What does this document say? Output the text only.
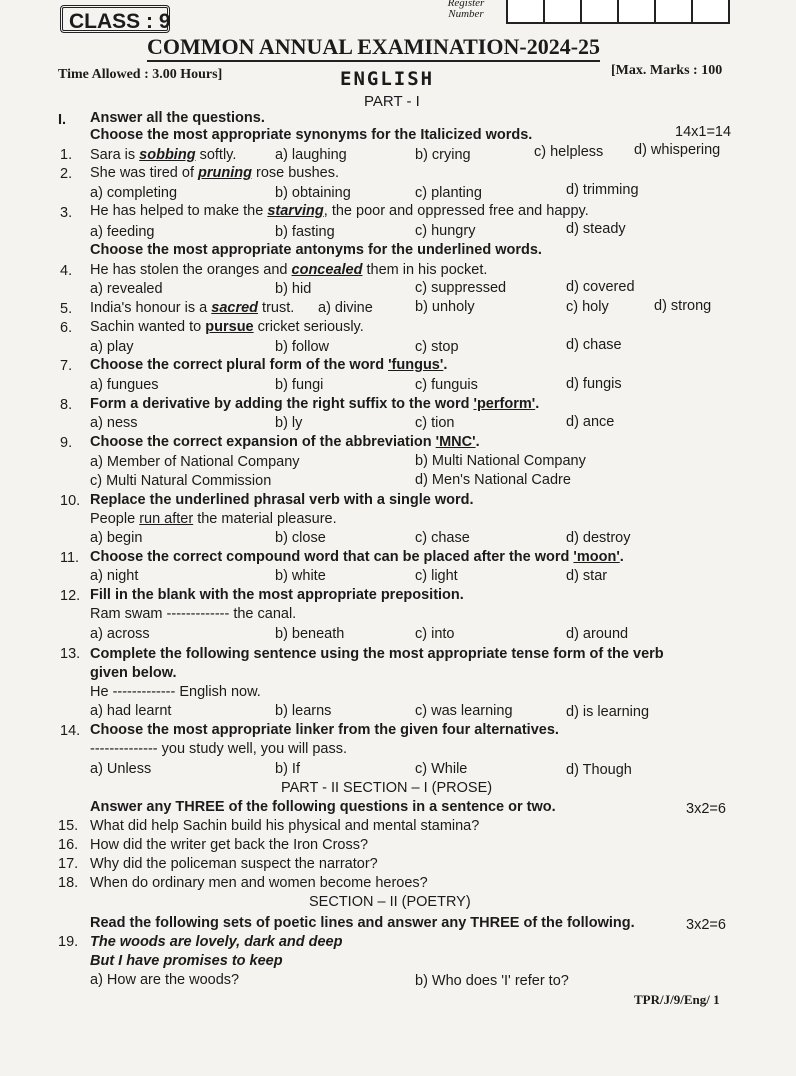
CLASS : 9
Register
Number
COMMON ANNUAL EXAMINATION-2024-25
Time Allowed : 3.00 Hours]	ENGLISH	[Max. Marks : 100
PART - I
I. Answer all the questions.
Choose the most appropriate synonyms for the Italicized words.	14x1=14
1. Sara is sobbing softly.	a) laughing	b) crying	c) helpless d) whispering
2. She was tired of pruning rose bushes.
a) completing	b) obtaining	c) planting	d) trimming
3. He has helped to make the starving, the poor and oppressed free and happy.
a) feeding	b) fasting	c) hungry	d) steady
Choose the most appropriate antonyms for the underlined words.
4. He has stolen the oranges and concealed them in his pocket.
a) revealed	b) hid	c) suppressed	d) covered
5. India's honour is a sacred trust. a) divine	b) unholy	c) holy	d) strong
6. Sachin wanted to pursue cricket seriously.
a) play	b) follow	c) stop	d) chase
7. Choose the correct plural form of the word 'fungus'.
a) fungues	b) fungi	c) funguis	d) fungis
8. Form a derivative by adding the right suffix to the word 'perform'.
a) ness	b) ly	c) tion	d) ance
9. Choose the correct expansion of the abbreviation 'MNC'.
a) Member of National Company	b) Multi National Company
c) Multi Natural Commission	d) Men's National Cadre
10. Replace the underlined phrasal verb with a single word.
People run after the material pleasure.
a) begin	b) close	c) chase	d) destroy
11. Choose the correct compound word that can be placed after the word 'moon'.
a) night	b) white	c) light	d) star
12. Fill in the blank with the most appropriate preposition.
Ram swam ------------- the canal.
a) across	b) beneath	c) into	d) around
13. Complete the following sentence using the most appropriate tense form of the verb
given below.
He ------------- English now.
a) had learnt	b) learns	c) was learning	d) is learning
14. Choose the most appropriate linker from the given four alternatives.
-------------- you study well, you will pass.
a) Unless	b) If	c) While	d) Though
PART - II SECTION – I (PROSE)
Answer any THREE of the following questions in a sentence or two.	3x2=6
15. What did help Sachin build his physical and mental stamina?
16. How did the writer get back the Iron Cross?
17. Why did the policeman suspect the narrator?
18. When do ordinary men and women become heroes?
SECTION – II (POETRY)
Read the following sets of poetic lines and answer any THREE of the following.	3x2=6
19. The woods are lovely, dark and deep
But I have promises to keep
a) How are the woods?	b) Who does 'I' refer to?
TPR/J/9/Eng/ 1
